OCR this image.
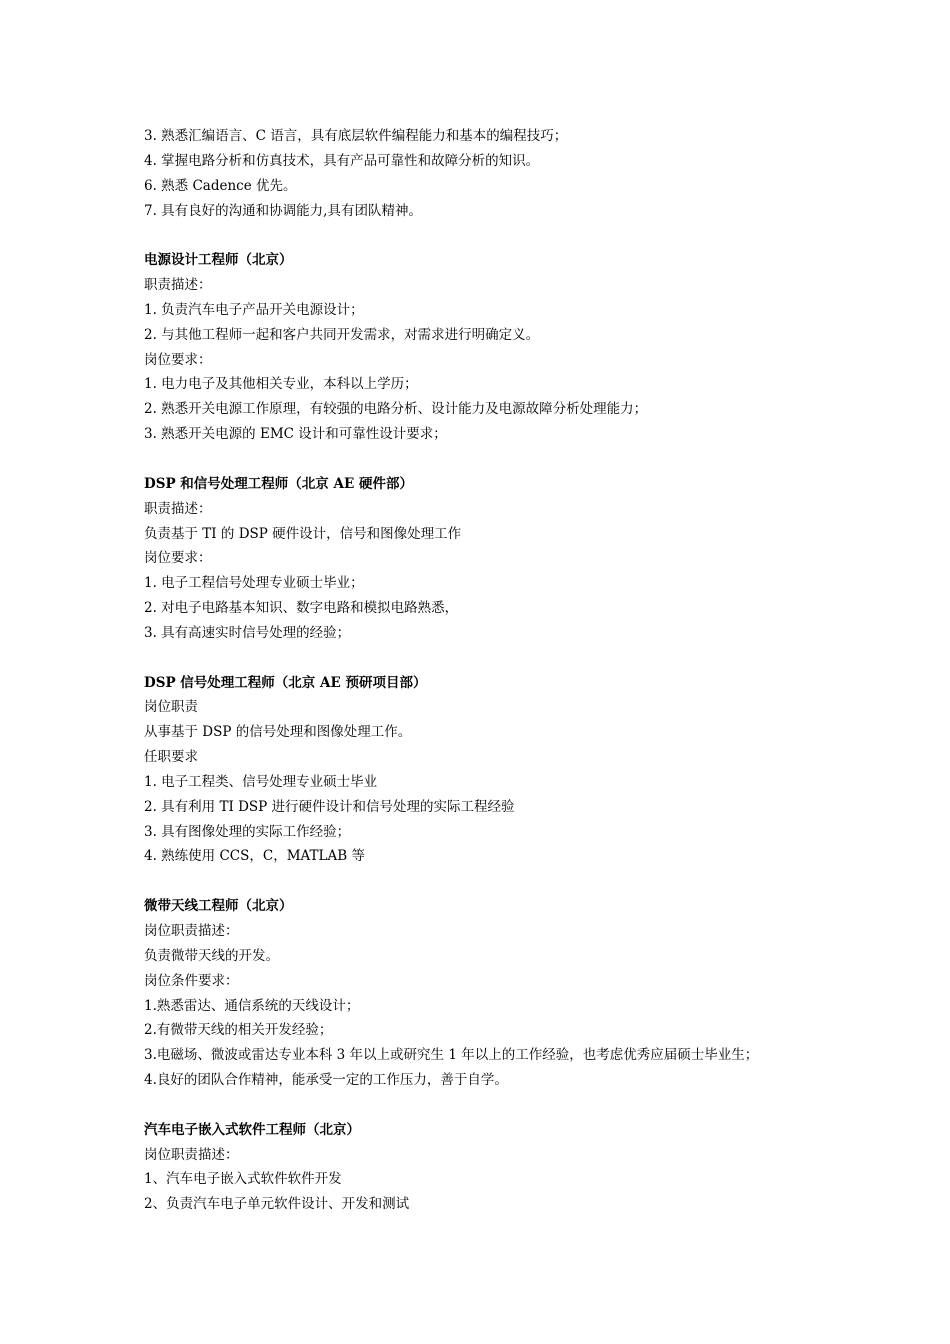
3. 熟悉汇编语言、C 语言，具有底层软件编程能力和基本的编程技巧；
4. 掌握电路分析和仿真技术，具有产品可靠性和故障分析的知识。
6. 熟悉 Cadence 优先。
7. 具有良好的沟通和协调能力,具有团队精神。
电源设计工程师（北京）
职责描述：
1. 负责汽车电子产品开关电源设计；
2. 与其他工程师一起和客户共同开发需求，对需求进行明确定义。
岗位要求：
1. 电力电子及其他相关专业，本科以上学历；
2. 熟悉开关电源工作原理，有较强的电路分析、设计能力及电源故障分析处理能力；
3. 熟悉开关电源的 EMC 设计和可靠性设计要求；
DSP 和信号处理工程师（北京 AE 硬件部）
职责描述：
负责基于 TI 的 DSP 硬件设计，信号和图像处理工作
岗位要求：
1. 电子工程信号处理专业硕士毕业；
2. 对电子电路基本知识、数字电路和模拟电路熟悉，
3. 具有高速实时信号处理的经验；
DSP 信号处理工程师（北京 AE 预研项目部）
岗位职责
从事基于 DSP 的信号处理和图像处理工作。
任职要求
1. 电子工程类、信号处理专业硕士毕业
2. 具有利用 TI DSP 进行硬件设计和信号处理的实际工程经验
3. 具有图像处理的实际工作经验；
4. 熟练使用 CCS，C，MATLAB 等
微带天线工程师（北京）
岗位职责描述：
负责微带天线的开发。
岗位条件要求：
1.熟悉雷达、通信系统的天线设计；
2.有微带天线的相关开发经验；
3.电磁场、微波或雷达专业本科 3 年以上或研究生 1 年以上的工作经验，也考虑优秀应届硕士毕业生；
4.良好的团队合作精神，能承受一定的工作压力，善于自学。
汽车电子嵌入式软件工程师（北京）
岗位职责描述：
1、汽车电子嵌入式软件软件开发
2、负责汽车电子单元软件设计、开发和测试
